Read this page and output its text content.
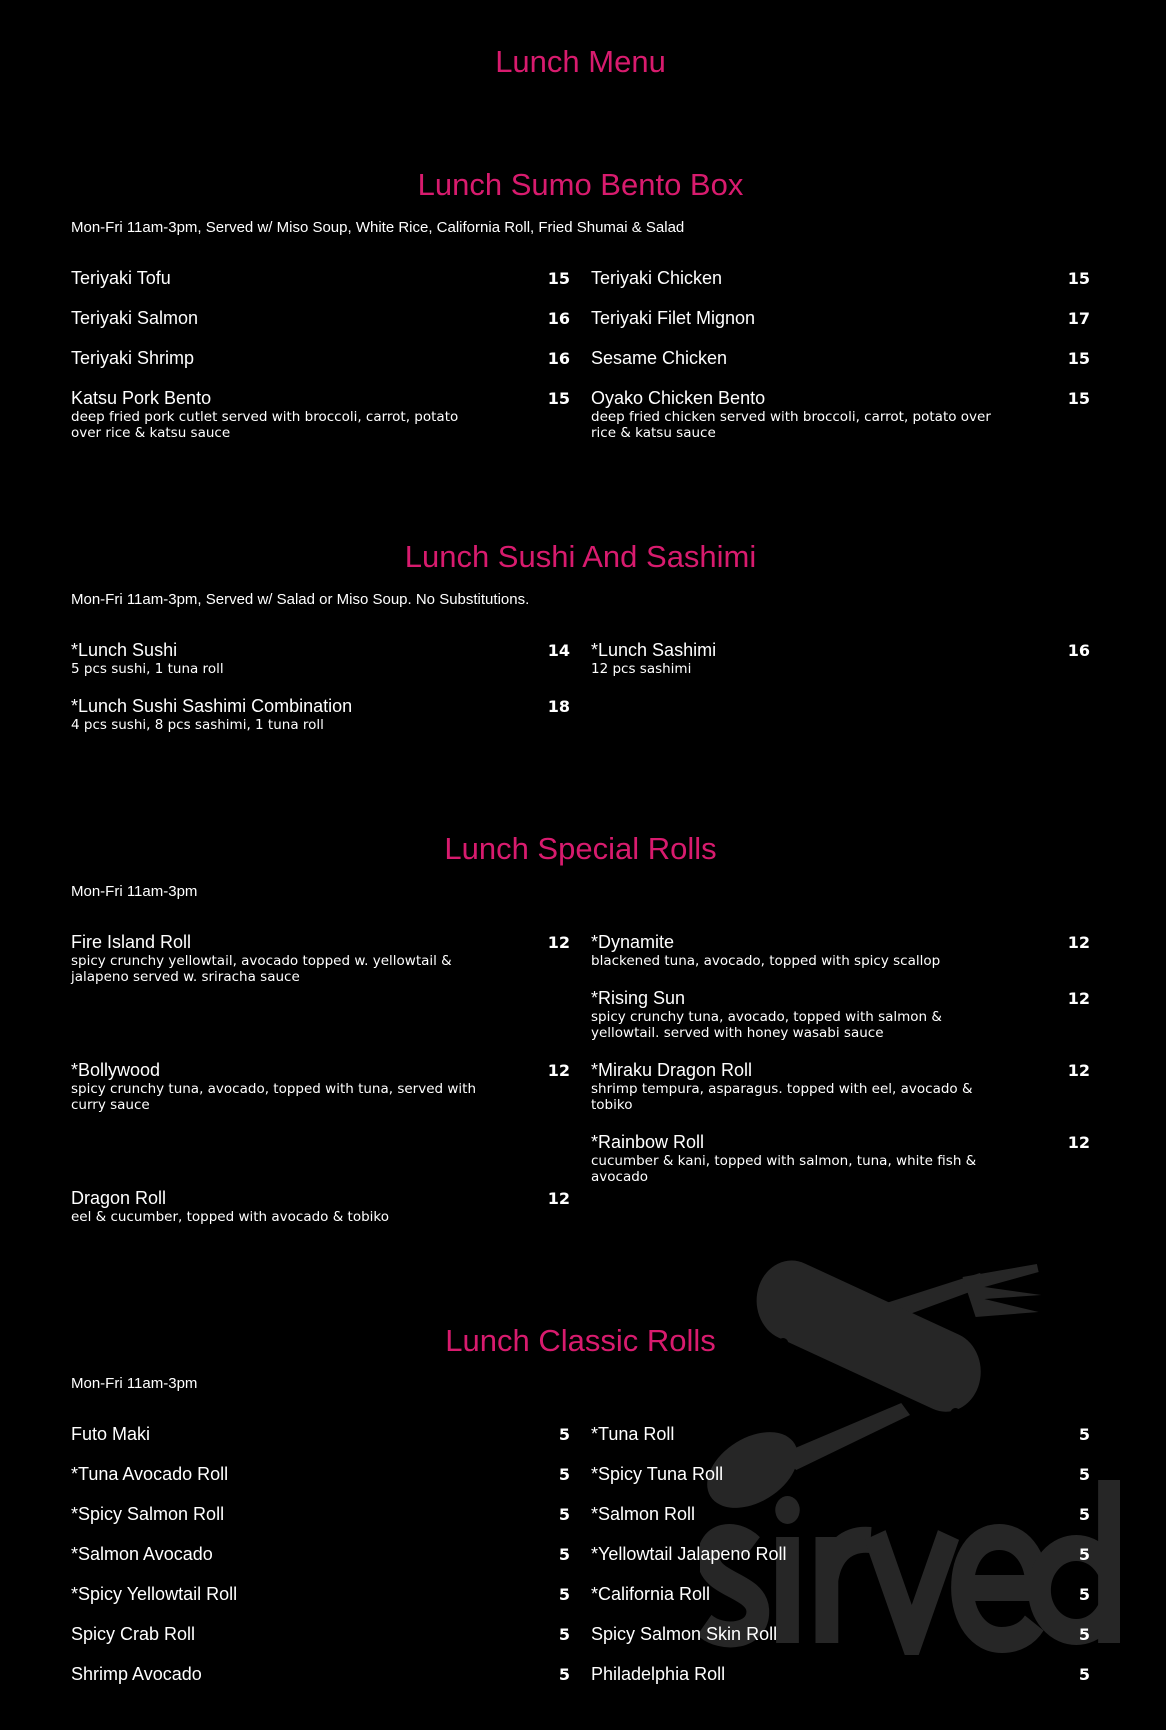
Lunch Menu
Lunch Sumo Bento Box
Mon-Fri 11am-3pm, Served w/ Miso Soup, White Rice, California Roll, Fried Shumai & Salad
Teriyaki Tofu	15
Teriyaki Salmon	16
Teriyaki Shrimp	16
Katsu Pork Bento	15
deep fried pork cutlet served with broccoli, carrot, potato over rice & katsu sauce
Teriyaki Chicken	15
Teriyaki Filet Mignon	17
Sesame Chicken	15
Oyako Chicken Bento	15
deep fried chicken served with broccoli, carrot, potato over rice & katsu sauce
Lunch Sushi And Sashimi
Mon-Fri 11am-3pm, Served w/ Salad or Miso Soup. No Substitutions.
*Lunch Sushi	14
5 pcs sushi, 1 tuna roll
*Lunch Sushi Sashimi Combination	18
4 pcs sushi, 8 pcs sashimi, 1 tuna roll
*Lunch Sashimi	16
12 pcs sashimi
Lunch Special Rolls
Mon-Fri 11am-3pm
Fire Island Roll	12
spicy crunchy yellowtail, avocado topped w. yellowtail & jalapeno served w. sriracha sauce
*Bollywood	12
spicy crunchy tuna, avocado, topped with tuna, served with curry sauce
Dragon Roll	12
eel & cucumber, topped with avocado & tobiko
*Dynamite	12
blackened tuna, avocado, topped with spicy scallop
*Rising Sun	12
spicy crunchy tuna, avocado, topped with salmon & yellowtail. served with honey wasabi sauce
*Miraku Dragon Roll	12
shrimp tempura, asparagus. topped with eel, avocado & tobiko
*Rainbow Roll	12
cucumber & kani, topped with salmon, tuna, white fish & avocado
Lunch Classic Rolls
Mon-Fri 11am-3pm
Futo Maki	5
*Tuna Avocado Roll	5
*Spicy Salmon Roll	5
*Salmon Avocado	5
*Spicy Yellowtail Roll	5
Spicy Crab Roll	5
Shrimp Avocado	5
*Tuna Roll	5
*Spicy Tuna Roll	5
*Salmon Roll	5
*Yellowtail Jalapeno Roll	5
*California Roll	5
Spicy Salmon Skin Roll	5
Philadelphia Roll	5
